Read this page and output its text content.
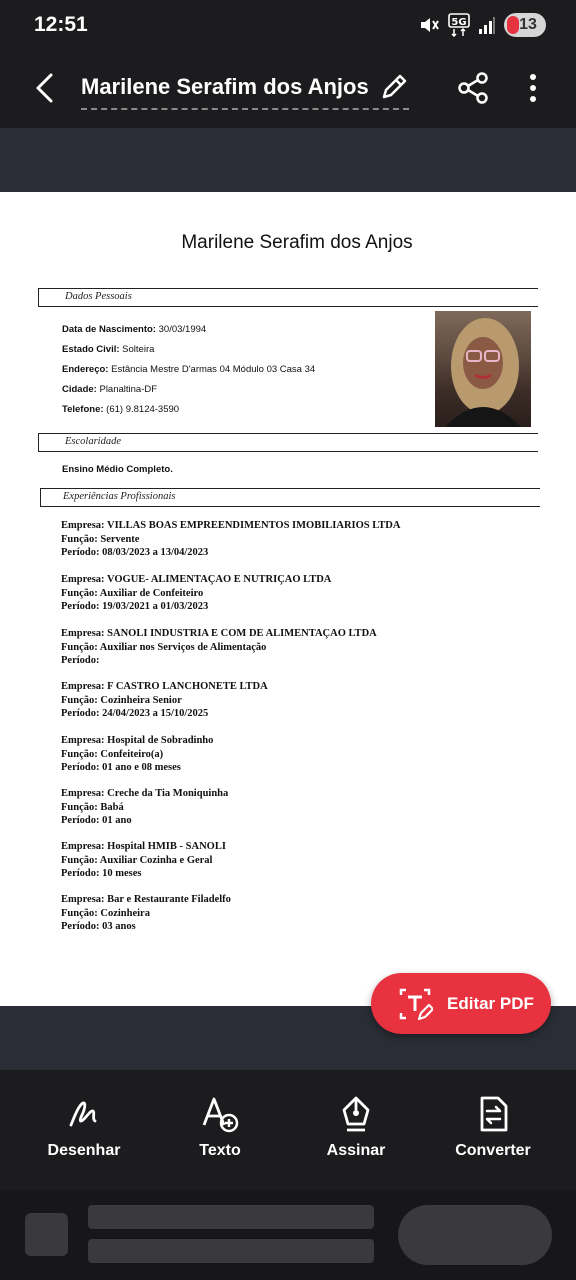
12:51	5G	13
Marilene Serafim dos Anjos
Marilene Serafim dos Anjos
Dados Pessoais
Data de Nascimento: 30/03/1994
Estado Civil: Solteira
Endereço: Estância Mestre D'armas 04 Módulo 03 Casa 34
Cidade: Planaltina-DF
Telefone: (61) 9.8124-3590
Escolaridade
Ensino Médio Completo.
Experiências Profissionais
Empresa: VILLAS BOAS EMPREENDIMENTOS IMOBILIARIOS LTDA
Função: Servente
Período: 08/03/2023 a 13/04/2023
Empresa: VOGUE- ALIMENTAÇAO E NUTRIÇAO LTDA
Função: Auxiliar de Confeiteiro
Período: 19/03/2021 a 01/03/2023
Empresa: SANOLI INDUSTRIA E COM DE ALIMENTAÇAO LTDA
Função: Auxiliar nos Serviços de Alimentação
Período:
Empresa: F CASTRO LANCHONETE LTDA
Função: Cozinheira Senior
Período: 24/04/2023 a 15/10/2025
Empresa: Hospital de Sobradinho
Função: Confeiteiro(a)
Período: 01 ano e 08 meses
Empresa: Creche da Tia Moniquinha
Função: Babá
Período: 01 ano
Empresa: Hospital HMIB - SANOLI
Função: Auxiliar Cozinha e Geral
Período: 10 meses
Empresa: Bar e Restaurante Filadelfo
Função: Cozinheira
Período: 03 anos
Editar PDF
Desenhar	Texto	Assinar	Converter
